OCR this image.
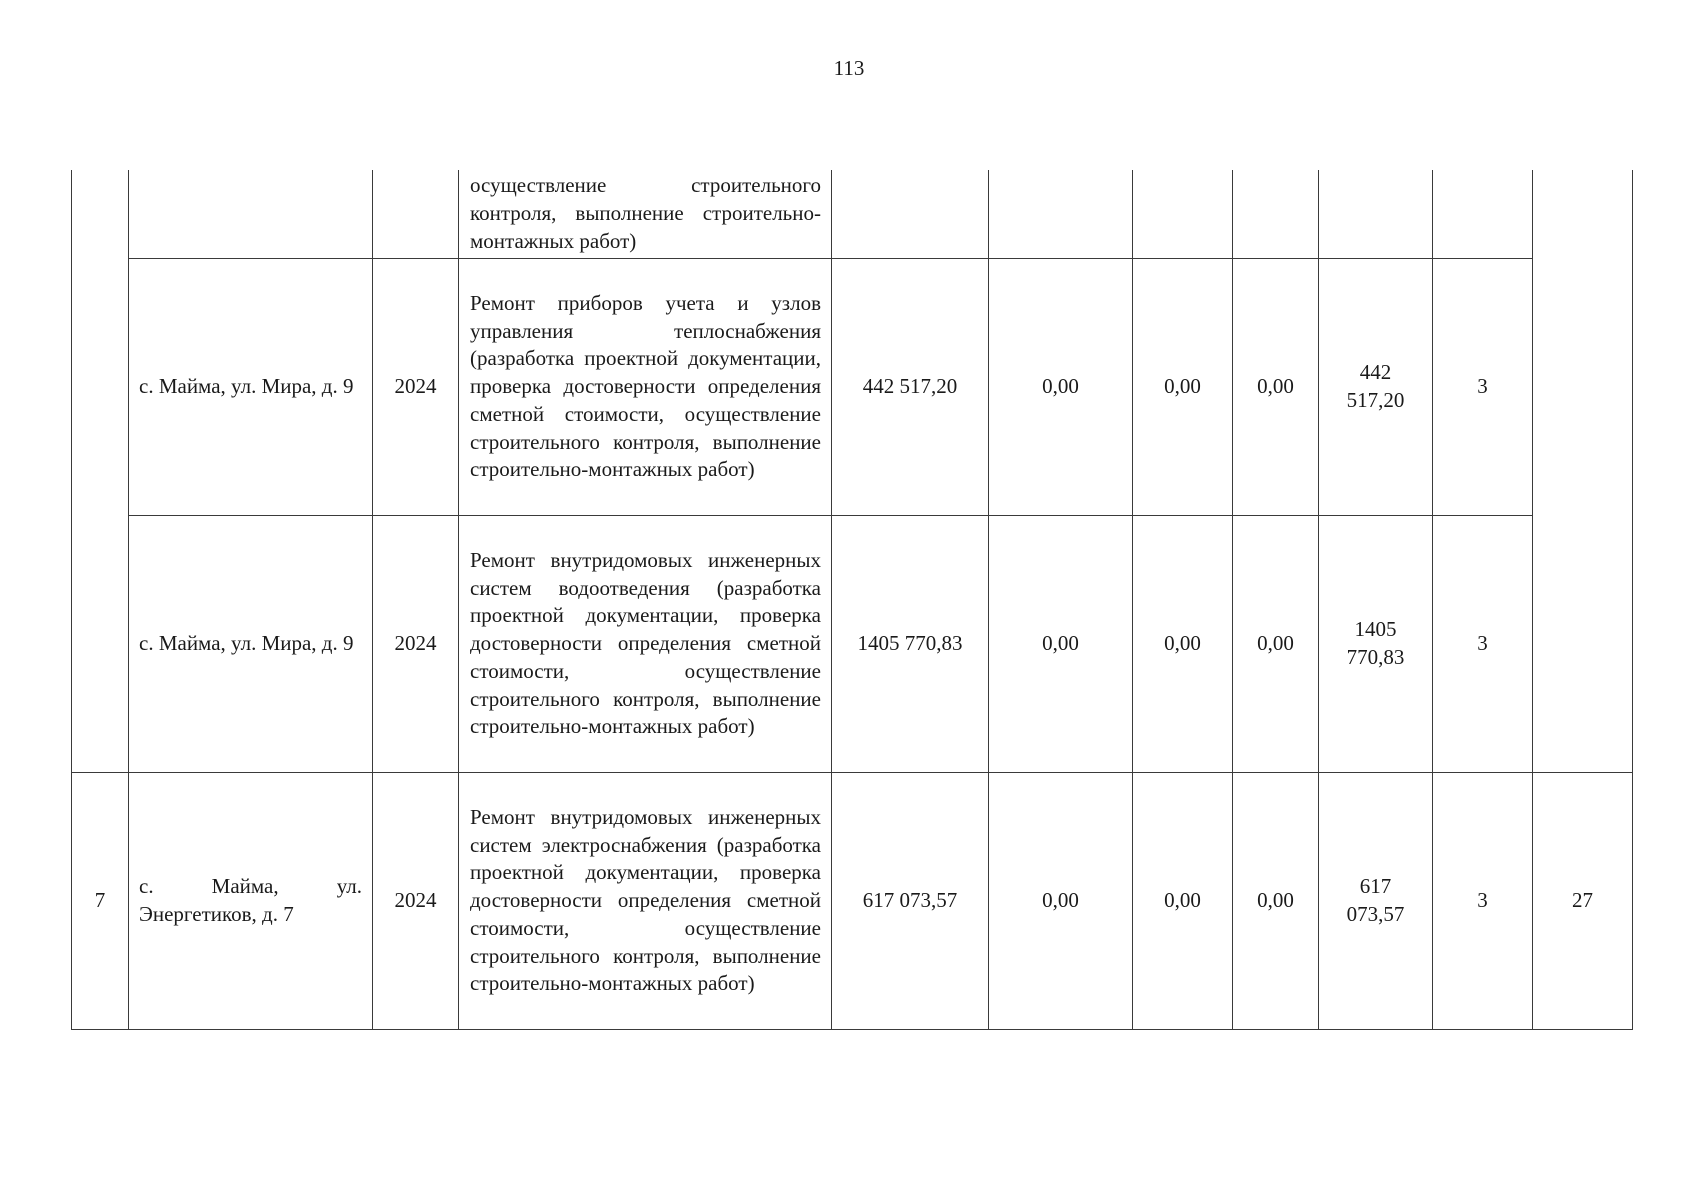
113
			осуществление строительного контроля, выполнение строительно-монтажных работ)							
	с. Майма, ул. Мира, д. 9	2024	Ремонт приборов учета и узлов управления теплоснабжения (разработка проектной документации, проверка достоверности определения сметной стоимости, осуществление строительного контроля, выполнение строительно-монтажных работ)	442 517,20	0,00	0,00	0,00	442 517,20	3	
	с. Майма, ул. Мира, д. 9	2024	Ремонт внутридомовых инженерных систем водоотведения (разработка проектной документации, проверка достоверности определения сметной стоимости, осуществление строительного контроля, выполнение строительно-монтажных работ)	1405 770,83	0,00	0,00	0,00	1405 770,83	3	
7	с. Майма, ул. Энергетиков, д. 7	2024	Ремонт внутридомовых инженерных систем электроснабжения (разработка проектной документации, проверка достоверности определения сметной стоимости, осуществление строительного контроля, выполнение строительно-монтажных работ)	617 073,57	0,00	0,00	0,00	617 073,57	3	27
